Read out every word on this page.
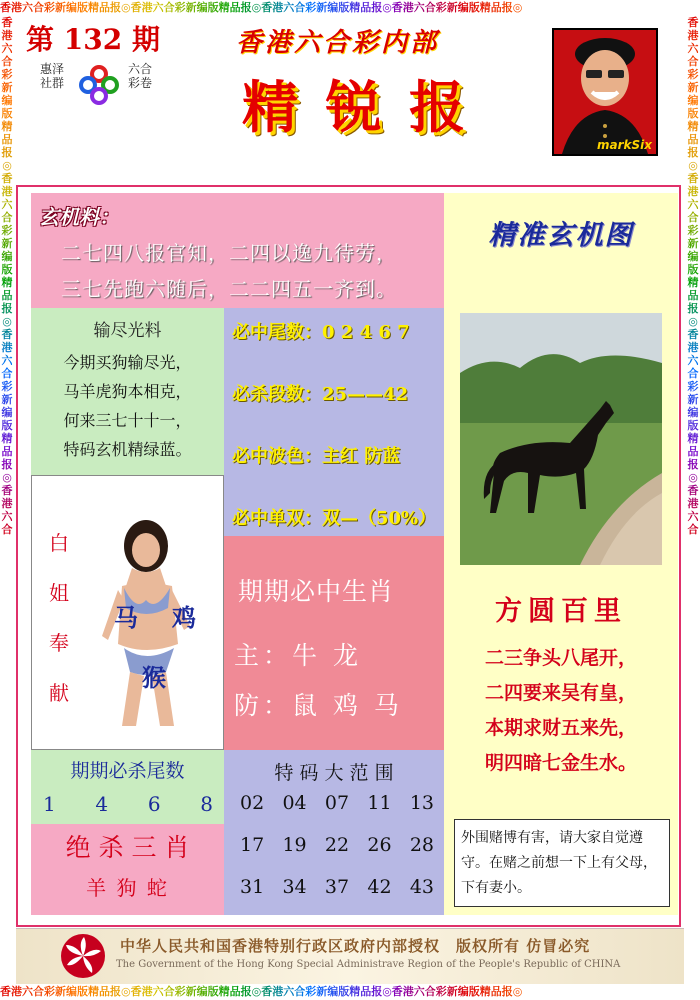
香港六合彩新编版精品报◎香港六合彩新编版精品报◎香港六合彩新编版精品报◎香港六合彩新编版精品报◎
香港六合彩新编版精品报◎香港六合彩新编版精品报◎香港六合彩新编版精品报◎香港六合彩新编版精品报◎
香港六合彩新编版精品报◎香港六合彩新编版精品报◎香港六合彩新编版精品报◎香港六合
香港六合彩新编版精品报◎香港六合彩新编版精品报◎香港六合彩新编版精品报◎香港六合
第 132 期
惠 泽
社 群
六 合
彩 卷
香港六合彩内部
精 锐 报
markSix
玄机料：
二七四八报官知，二四以逸九待劳，
三七先跑六随后，二二四五一齐到。
输尽光料
今期买狗输尽光，
马羊虎狗本相克，
何来三七十十一，
特码玄机精绿蓝。
必中尾数：0 2 4 6 7
必杀段数：25——42
必中波色：主红 防蓝
必中单双：双—（50%）
白
姐
奉
献
马 鸡
猴
期期必中生肖
主：牛 龙
防：鼠 鸡 马
期期必杀尾数
1 4 6 8
绝 杀 三 肖
羊 狗 蛇
特 码 大 范 围
02 04 07 11 13
17 19 22 26 28
31 34 37 42 43
精准玄机图
方圆百里
二三争头八尾开，
二四要来吴有皇，
本期求财五来先，
明四暗七金生水。
外围赌博有害，请大家自觉遵守。在赌之前想一下上有父母，下有妻小。
中华人民共和国香港特别行政区政府内部授权　版权所有 仿冒必究
The Government of the Hong Kong Special Administrave Region of the People's Republic of CHINA
